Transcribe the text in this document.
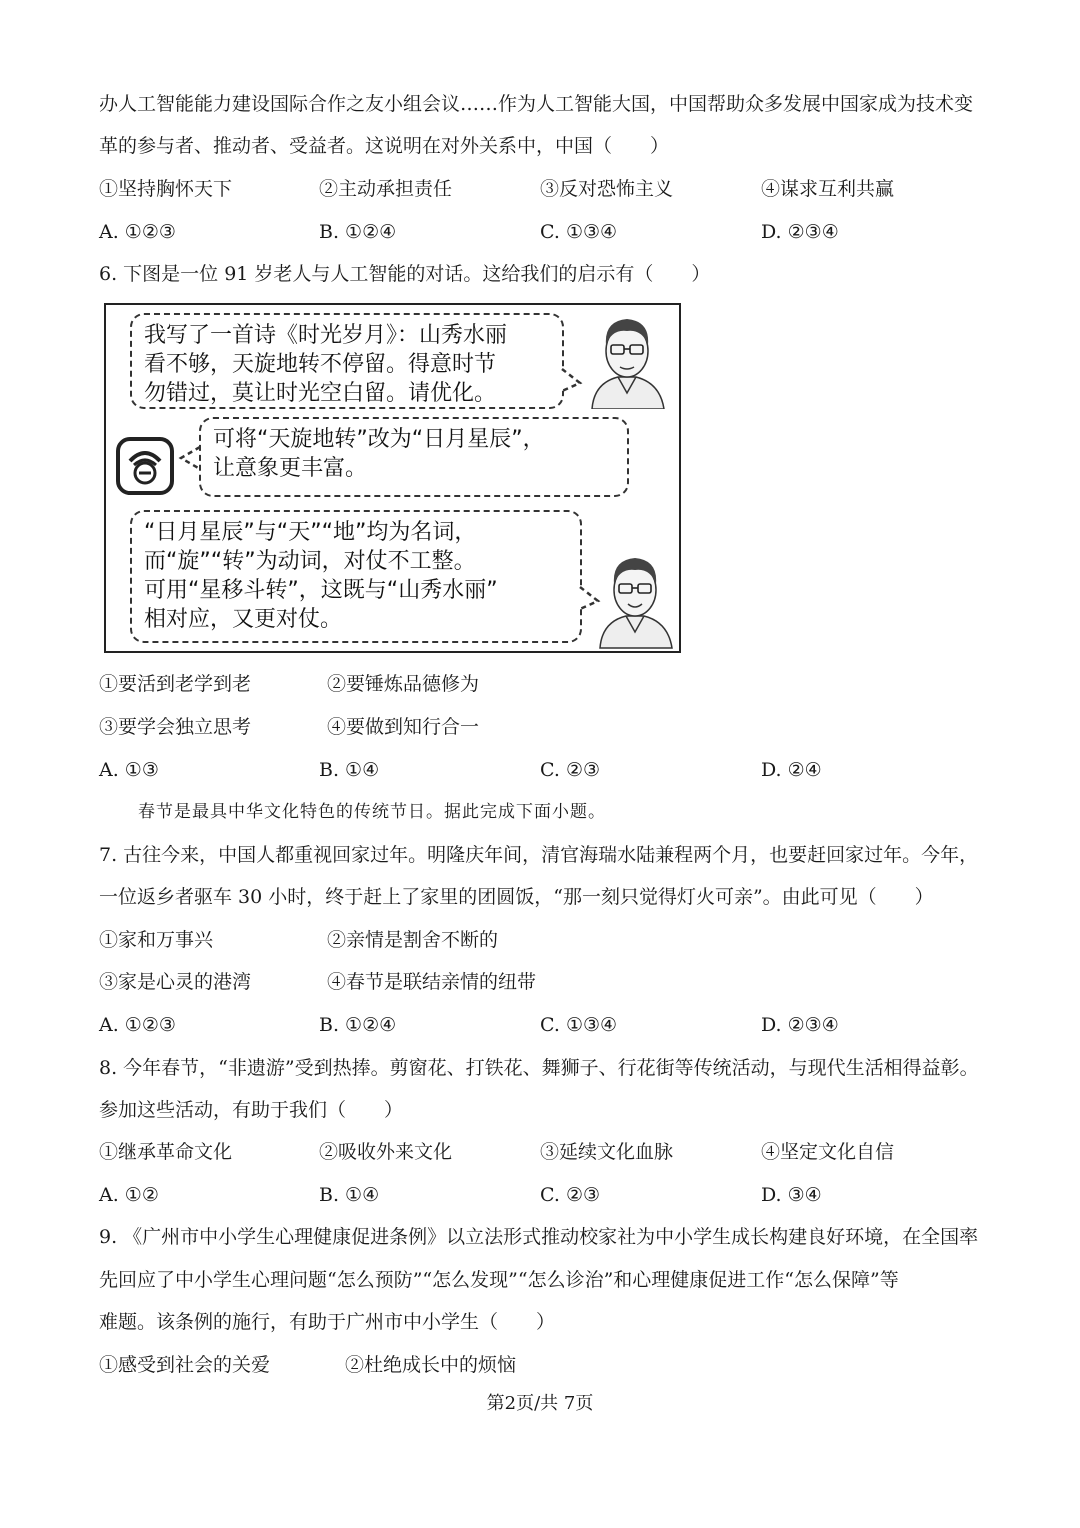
办人工智能能力建设国际合作之友小组会议……作为人工智能大国，中国帮助众多发展中国家成为技术变
革的参与者、推动者、受益者。这说明在对外关系中，中国（　　）
①坚持胸怀天下	②主动承担责任	③反对恐怖主义	④谋求互利共赢
A. ①②③	B. ①②④	C. ①③④	D. ②③④
6. 下图是一位 91 岁老人与人工智能的对话。这给我们的启示有（　　）
我写了一首诗《时光岁月》：山秀水丽
看不够，天旋地转不停留。得意时节
勿错过，莫让时光空白留。请优化。
可将“天旋地转”改为“日月星辰”，
让意象更丰富。
“日月星辰”与“天”“地”均为名词，
而“旋”“转”为动词，对仗不工整。
可用“星移斗转”，这既与“山秀水丽”
相对应，又更对仗。
①要活到老学到老	②要锤炼品德修为
③要学会独立思考	④要做到知行合一
A. ①③	B. ①④	C. ②③	D. ②④
春节是最具中华文化特色的传统节日。据此完成下面小题。
7. 古往今来，中国人都重视回家过年。明隆庆年间，清官海瑞水陆兼程两个月，也要赶回家过年。今年，
一位返乡者驱车 30 小时，终于赶上了家里的团圆饭，“那一刻只觉得灯火可亲”。由此可见（　　）
①家和万事兴	②亲情是割舍不断的
③家是心灵的港湾	④春节是联结亲情的纽带
A. ①②③	B. ①②④	C. ①③④	D. ②③④
8. 今年春节，“非遗游”受到热捧。剪窗花、打铁花、舞狮子、行花街等传统活动，与现代生活相得益彰。
参加这些活动，有助于我们（　　）
①继承革命文化	②吸收外来文化	③延续文化血脉	④坚定文化自信
A. ①②	B. ①④	C. ②③	D. ③④
9. 《广州市中小学生心理健康促进条例》以立法形式推动校家社为中小学生成长构建良好环境，在全国率
先回应了中小学生心理问题“怎么预防”“怎么发现”“怎么诊治”和心理健康促进工作“怎么保障”等
难题。该条例的施行，有助于广州市中小学生（　　）
①感受到社会的关爱	②杜绝成长中的烦恼
第2页/共 7页
